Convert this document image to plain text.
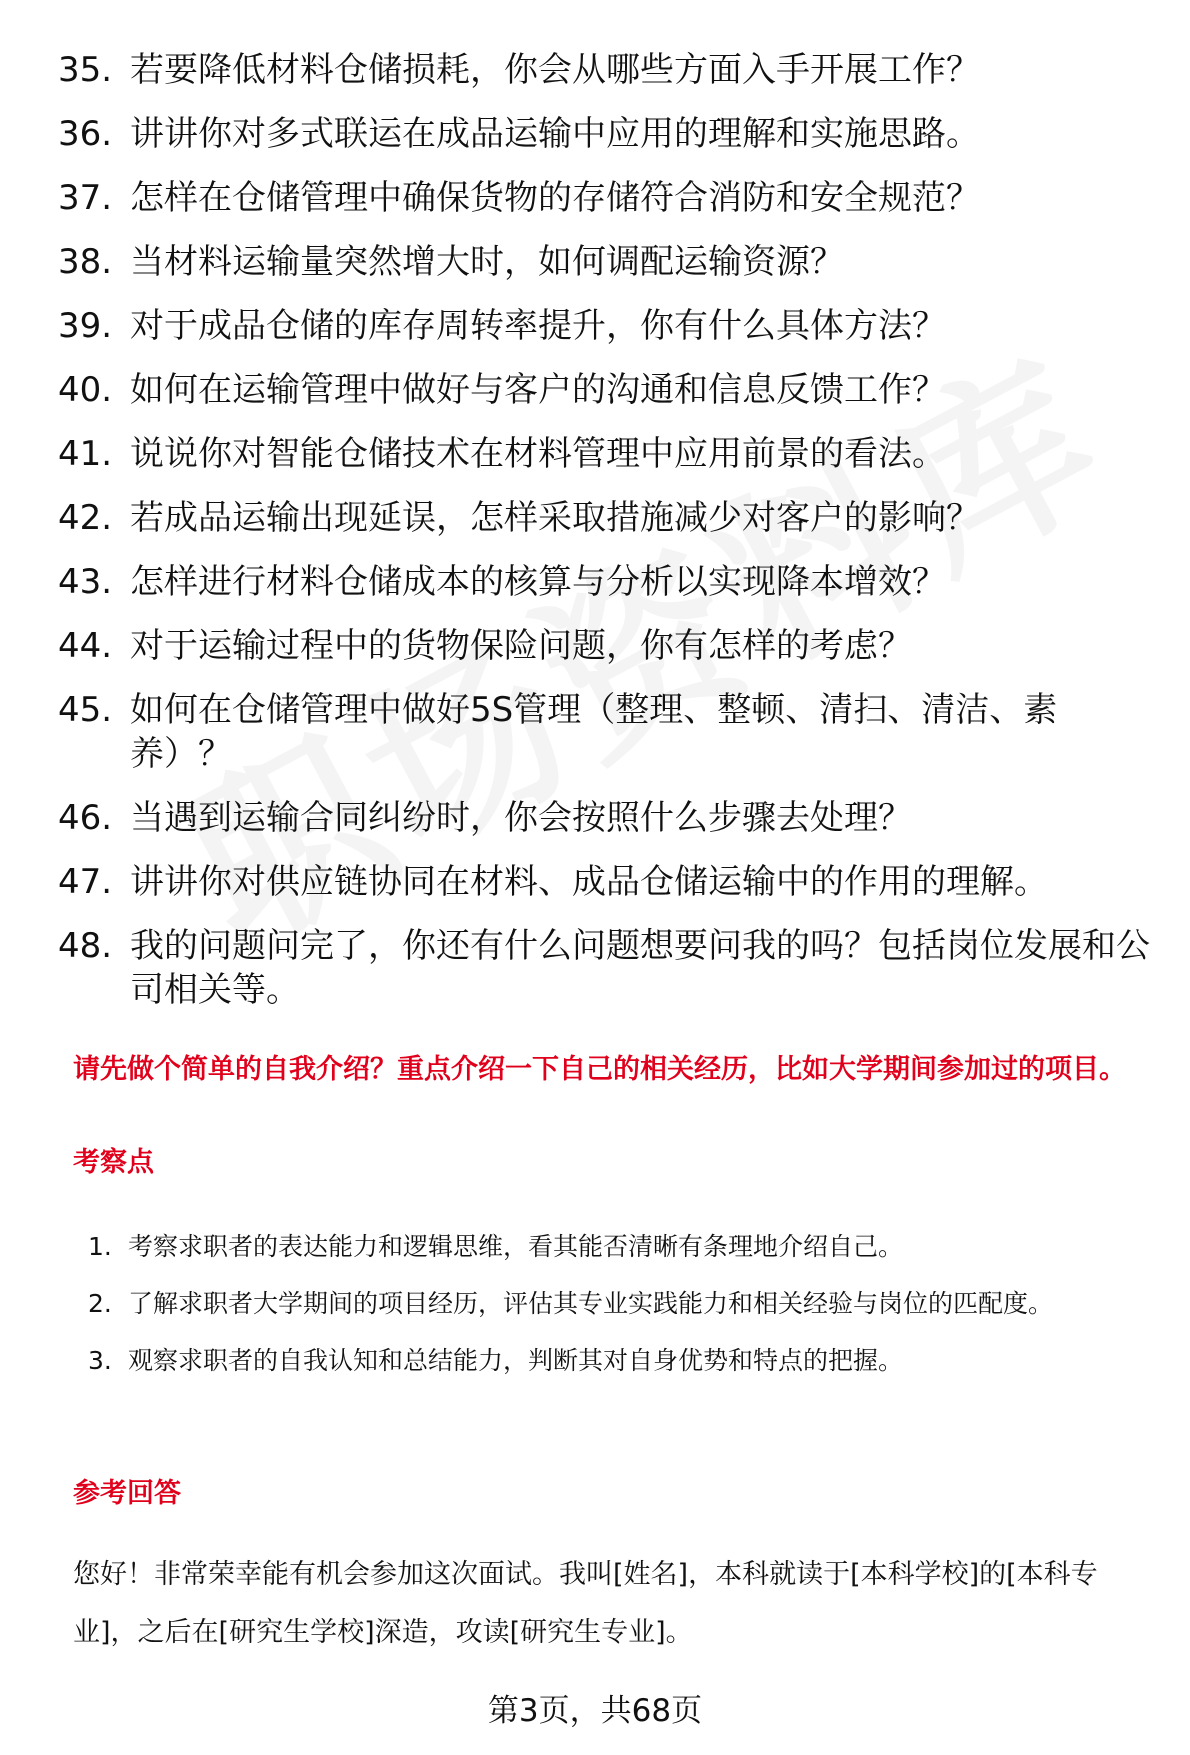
35. 若要降低材料仓储损耗，你会从哪些方面入手开展工作？
36. 讲讲你对多式联运在成品运输中应用的理解和实施思路。
37. 怎样在仓储管理中确保货物的存储符合消防和安全规范？
38. 当材料运输量突然增大时，如何调配运输资源？
39. 对于成品仓储的库存周转率提升，你有什么具体方法？
40. 如何在运输管理中做好与客户的沟通和信息反馈工作？
41. 说说你对智能仓储技术在材料管理中应用前景的看法。
42. 若成品运输出现延误，怎样采取措施减少对客户的影响？
43. 怎样进行材料仓储成本的核算与分析以实现降本增效？
44. 对于运输过程中的货物保险问题，你有怎样的考虑？
45. 如何在仓储管理中做好5S管理（整理、整顿、清扫、清洁、素养）？
46. 当遇到运输合同纠纷时，你会按照什么步骤去处理？
47. 讲讲你对供应链协同在材料、成品仓储运输中的作用的理解。
48. 我的问题问完了，你还有什么问题想要问我的吗？包括岗位发展和公司相关等。
请先做个简单的自我介绍？重点介绍一下自己的相关经历，比如大学期间参加过的项目。
考察点
1. 考察求职者的表达能力和逻辑思维，看其能否清晰有条理地介绍自己。
2. 了解求职者大学期间的项目经历，评估其专业实践能力和相关经验与岗位的匹配度。
3. 观察求职者的自我认知和总结能力，判断其对自身优势和特点的把握。
参考回答
您好！非常荣幸能有机会参加这次面试。我叫[姓名]，本科就读于[本科学校]的[本科专业]，之后在[研究生学校]深造，攻读[研究生专业]。
第3页，共68页
